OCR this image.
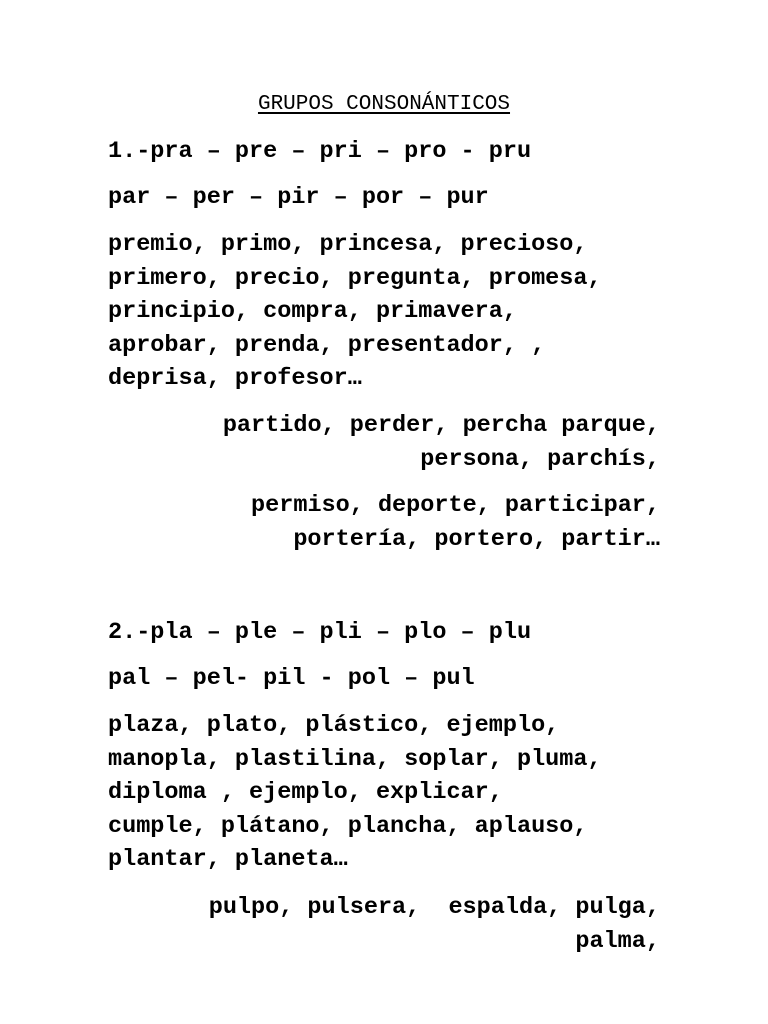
GRUPOS CONSONÁNTICOS
1.-pra – pre – pri – pro - pru
par – per – pir – por – pur
premio, primo, princesa, precioso,
primero, precio, pregunta, promesa,
principio, compra, primavera,
aprobar, prenda, presentador, ,
deprisa, profesor…
partido, perder, percha parque,
persona, parchís,
permiso, deporte, participar,
portería, portero, partir…
2.-pla – ple – pli – plo – plu
pal – pel- pil - pol – pul
plaza, plato, plástico, ejemplo,
manopla, plastilina, soplar, pluma,
diploma , ejemplo, explicar,
cumple, plátano, plancha, aplauso,
plantar, planeta…
pulpo, pulsera,  espalda, pulga,
palma,
